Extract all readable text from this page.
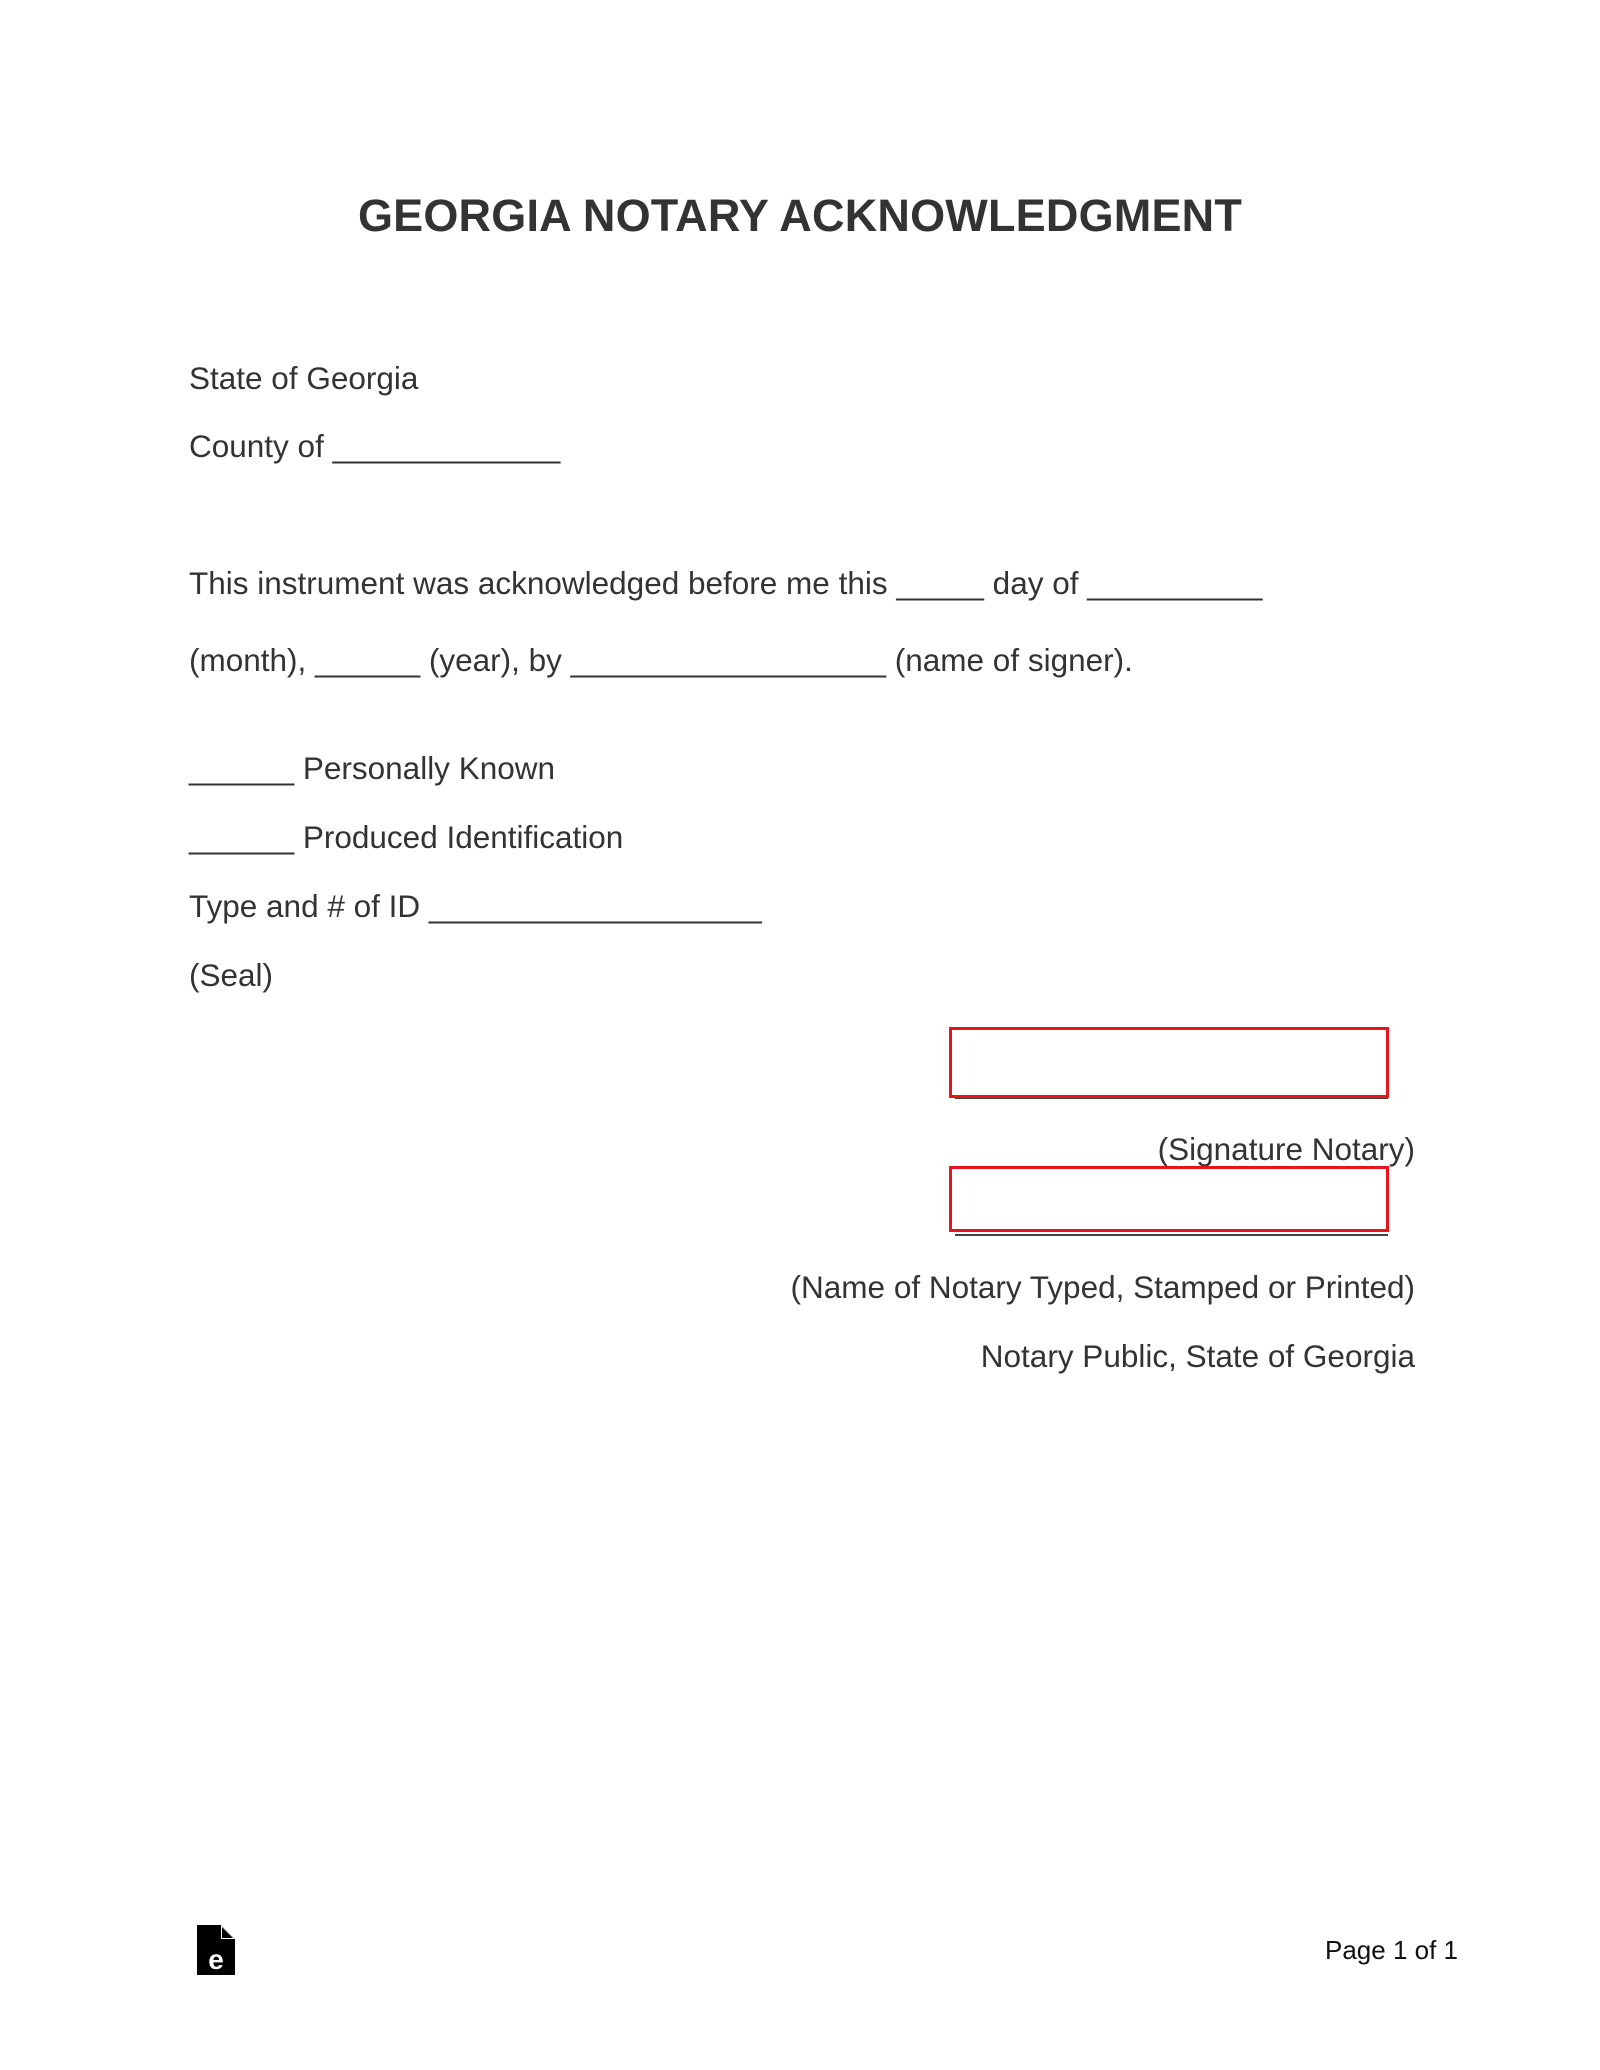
GEORGIA NOTARY ACKNOWLEDGMENT
State of Georgia
County of _____________
This instrument was acknowledged before me this _____ day of __________
(month), ______ (year), by __________________ (name of signer).
______ Personally Known
______ Produced Identification
Type and # of ID ___________________
(Seal)
(Signature Notary)
(Name of Notary Typed, Stamped or Printed)
Notary Public, State of Georgia
e	Page 1 of 1
